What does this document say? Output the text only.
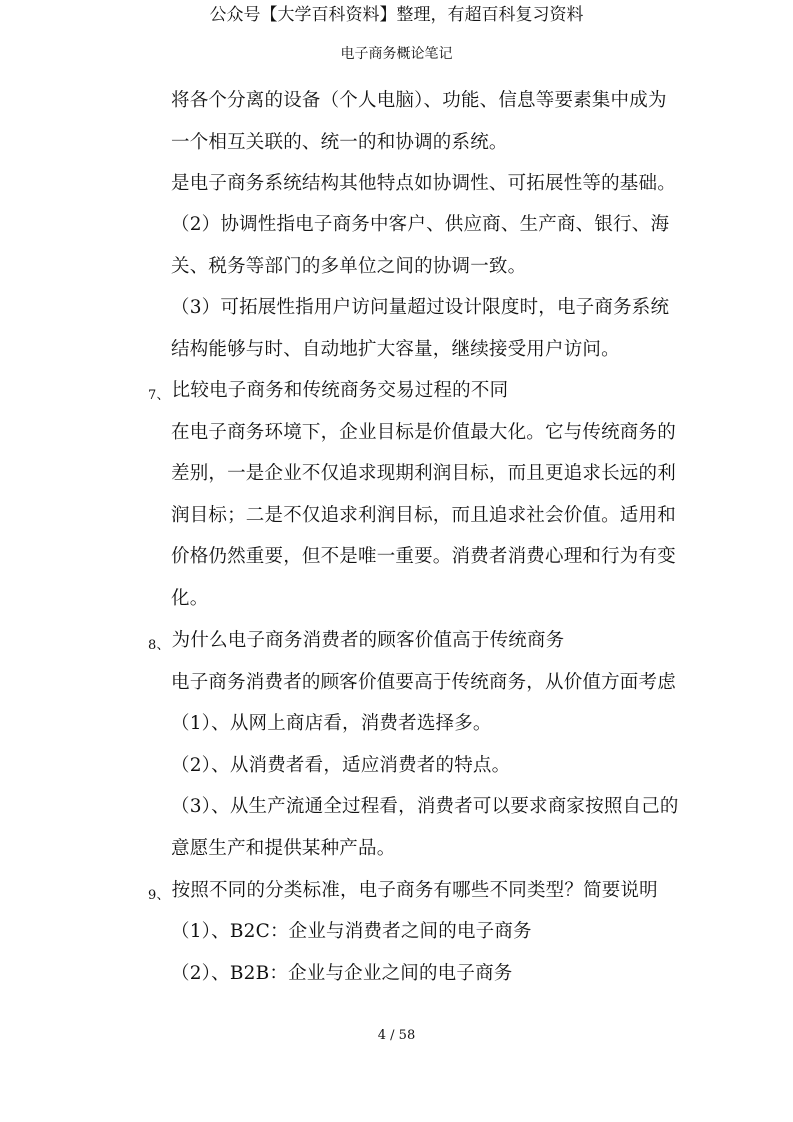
公众号【大学百科资料】整理，有超百科复习资料
电子商务概论笔记
将各个分离的设备（个人电脑）、功能、信息等要素集中成为
一个相互关联的、统一的和协调的系统。
是电子商务系统结构其他特点如协调性、可拓展性等的基础。
（2）协调性指电子商务中客户、供应商、生产商、银行、海
关、税务等部门的多单位之间的协调一致。
（3）可拓展性指用户访问量超过设计限度时，电子商务系统
结构能够与时、自动地扩大容量，继续接受用户访问。
7、 比较电子商务和传统商务交易过程的不同
在电子商务环境下，企业目标是价值最大化。它与传统商务的
差别，一是企业不仅追求现期利润目标，而且更追求长远的利
润目标；二是不仅追求利润目标，而且追求社会价值。适用和
价格仍然重要，但不是唯一重要。消费者消费心理和行为有变
化。
8、 为什么电子商务消费者的顾客价值高于传统商务
电子商务消费者的顾客价值要高于传统商务，从价值方面考虑
（1）、从网上商店看，消费者选择多。
（2）、从消费者看，适应消费者的特点。
（3）、从生产流通全过程看，消费者可以要求商家按照自己的
意愿生产和提供某种产品。
9、 按照不同的分类标准，电子商务有哪些不同类型？简要说明
（1）、B2C：企业与消费者之间的电子商务
（2）、B2B：企业与企业之间的电子商务
4 / 58
